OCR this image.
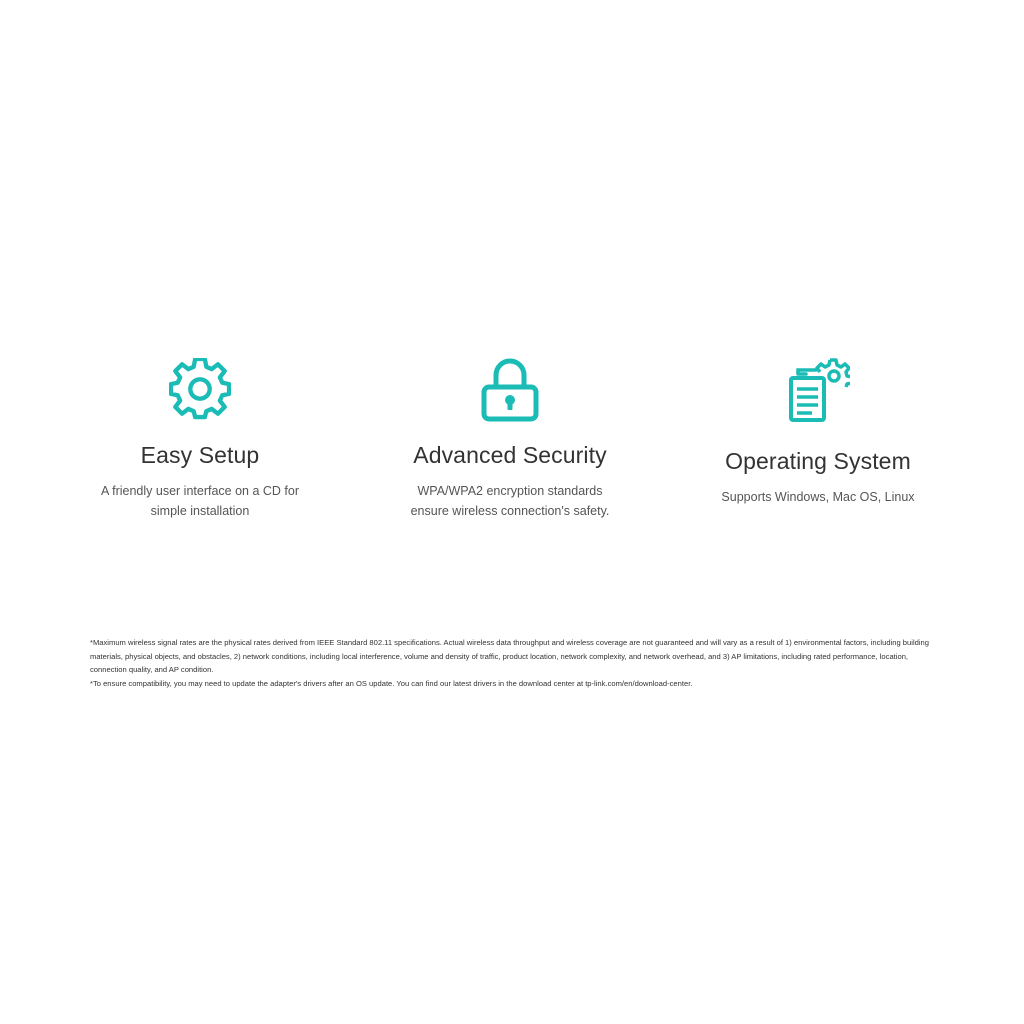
Easy Setup
A friendly user interface on a CD for
simple installation
Advanced Security
WPA/WPA2 encryption standards
ensure wireless connection's safety.
Operating System
Supports Windows, Mac OS, Linux

*Maximum wireless signal rates are the physical rates derived from IEEE Standard 802.11 specifications. Actual wireless data throughput and wireless coverage are not guaranteed and will vary as a result of 1) environmental factors, including building materials, physical objects, and obstacles, 2) network conditions, including local interference, volume and density of traffic, product location, network complexity, and network overhead, and 3) AP limitations, including rated performance, location, connection quality, and AP condition.

*To ensure compatibility, you may need to update the adapter's drivers after an OS update. You can find our latest drivers in the download center at tp-link.com/en/download-center.
